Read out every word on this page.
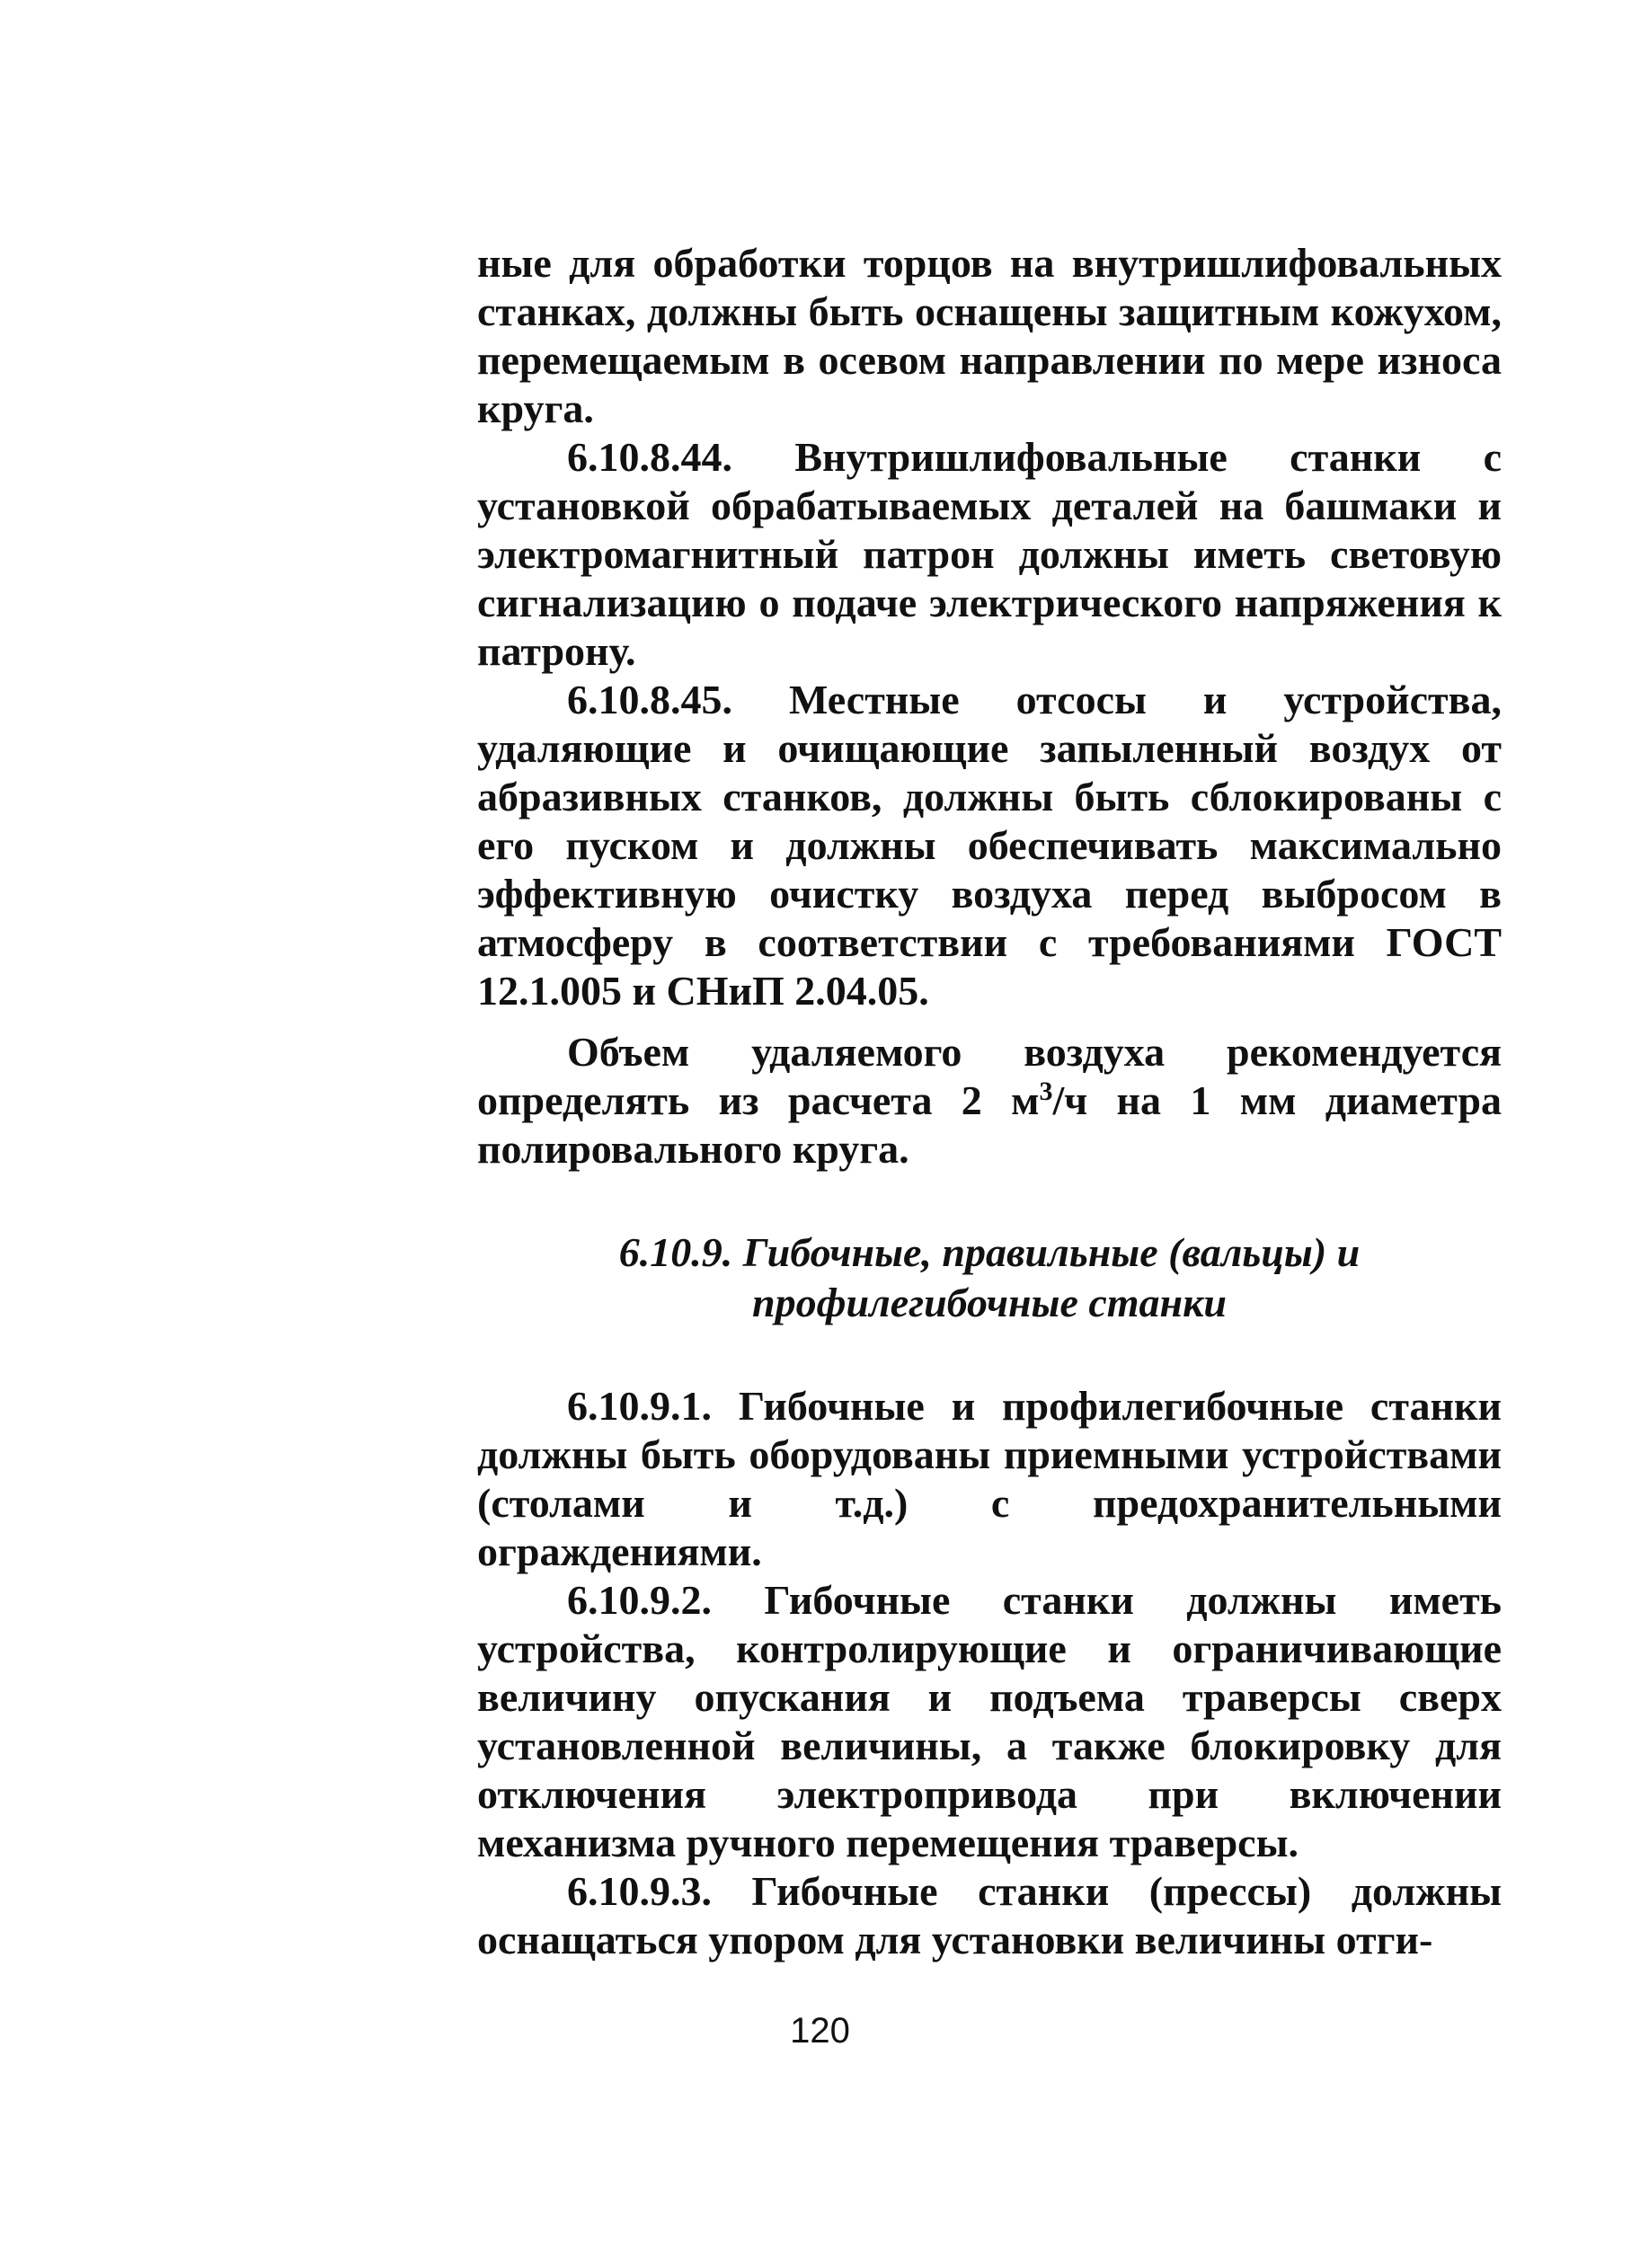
ные для обработки торцов на внутришлифовальных станках, должны быть оснащены защитным кожухом, перемещаемым в осевом направлении по мере износа круга.

6.10.8.44. Внутришлифовальные станки с установкой обрабатываемых деталей на башмаки и электромагнитный патрон должны иметь световую сигнализацию о подаче электрического напряжения к патрону.

6.10.8.45. Местные отсосы и устройства, удаляющие и очищающие запыленный воздух от абразивных станков, должны быть сблокированы с его пуском и должны обеспечивать максимально эффективную очистку воздуха перед выбросом в атмосферу в соответствии с требованиями ГОСТ 12.1.005 и СНиП 2.04.05.

Объем удаляемого воздуха рекомендуется определять из расчета 2 $м^3/ч$ на 1 мм диаметра полировального круга.

6.10.9. Гибочные, правильные (вальцы) и профилегибочные станки

6.10.9.1. Гибочные и профилегибочные станки должны быть оборудованы приемными устройствами (столами и т.д.) с предохранительными ограждениями.

6.10.9.2. Гибочные станки должны иметь устройства, контролирующие и ограничивающие величину опускания и подъема траверсы сверх установленной величины, а также блокировку для отключения электропривода при включении механизма ручного перемещения траверсы.

6.10.9.3. Гибочные станки (прессы) должны оснащаться упором для установки величины отги-

120
